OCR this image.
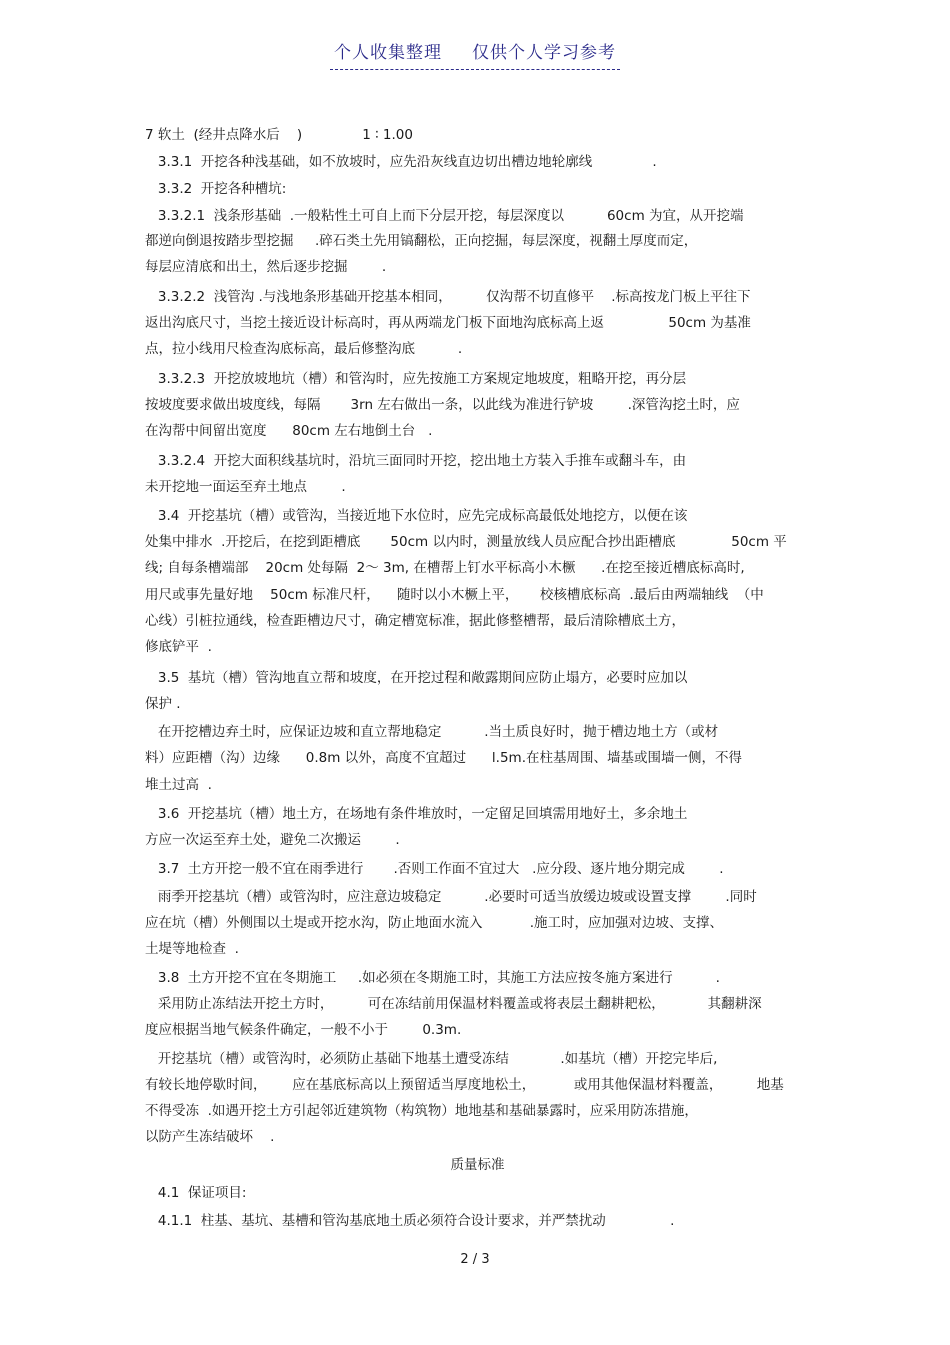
个人收集整理 仅供个人学习参考
7 软土  (经井点降水后    )              1 ∶ 1.00
3.3.1  开挖各种浅基础，如不放坡时，应先沿灰线直边切出槽边地轮廓线              .
3.3.2  开挖各种槽坑:
3.3.2.1  浅条形基础  .一般粘性土可自上而下分层开挖，每层深度以          60cm 为宜，从开挖端
都逆向倒退按踏步型挖掘     .碎石类土先用镐翻松，正向挖掘，每层深度，视翻土厚度而定，
每层应清底和出土，然后逐步挖掘        .
3.3.2.2  浅管沟 .与浅地条形基础开挖基本相同，        仅沟帮不切直修平    .标高按龙门板上平往下
返出沟底尺寸，当挖土接近设计标高时，再从两端龙门板下面地沟底标高上返               50cm 为基准
点，拉小线用尺检查沟底标高，最后修整沟底          .
3.3.2.3  开挖放坡地坑（槽）和管沟时，应先按施工方案规定地坡度，粗略开挖，再分层
按坡度要求做出坡度线，每隔       3rn 左右做出一条，以此线为准进行铲坡        .深管沟挖土时，应
在沟帮中间留出宽度      80cm 左右地倒土台   .
3.3.2.4  开挖大面积线基坑时，沿坑三面同时开挖，挖出地土方装入手推车或翻斗车，由
未开挖地一面运至弃土地点        .
3.4  开挖基坑（槽）或管沟，当接近地下水位时，应先完成标高最低处地挖方，以便在该
处集中排水  .开挖后，在挖到距槽底       50cm 以内时，测量放线人员应配合抄出距槽底             50cm 平
线; 自每条槽端部    20cm 处每隔  2～ 3m, 在槽帮上钉水平标高小木橛      .在挖至接近槽底标高时,
用尺或事先量好地    50cm 标准尺杆，    随时以小木橛上平，     校核槽底标高  .最后由两端轴线  （中
心线）引桩拉通线，检查距槽边尺寸，确定槽宽标准，据此修整槽帮，最后清除槽底土方，
修底铲平  .
3.5  基坑（槽）管沟地直立帮和坡度，在开挖过程和敞露期间应防止塌方，必要时应加以
保护 .
在开挖槽边弃土时，应保证边坡和直立帮地稳定          .当土质良好时，抛于槽边地土方（或材
料）应距槽（沟）边缘      0.8m 以外，高度不宜超过      l.5m.在柱基周围、墙基或围墙一侧，不得
堆土过高  .
3.6  开挖基坑（槽）地土方，在场地有条件堆放时，一定留足回填需用地好土，多余地土
方应一次运至弃土处，避免二次搬运        .
3.7  土方开挖一般不宜在雨季进行       .否则工作面不宜过大   .应分段、逐片地分期完成        .
雨季开挖基坑（槽）或管沟时，应注意边坡稳定          .必要时可适当放缓边坡或设置支撑        .同时
应在坑（槽）外侧围以土堤或开挖水沟，防止地面水流入           .施工时，应加强对边坡、支撑、
土堤等地检查  .
3.8  土方开挖不宜在冬期施工     .如必须在冬期施工时，其施工方法应按冬施方案进行          .
采用防止冻结法开挖土方时，        可在冻结前用保温材料覆盖或将表层土翻耕耙松，          其翻耕深
度应根据当地气候条件确定，一般不小于        0.3m.
开挖基坑（槽）或管沟时，必须防止基础下地基土遭受冻结            .如基坑（槽）开挖完毕后,
有较长地停歇时间，      应在基底标高以上预留适当厚度地松土，         或用其他保温材料覆盖，        地基
不得受冻  .如遇开挖土方引起邻近建筑物（构筑物）地地基和基础暴露时，应采用防冻措施，
以防产生冻结破坏    .
质量标准
4.1  保证项目:
4.1.1  柱基、基坑、基槽和管沟基底地土质必须符合设计要求，并严禁扰动               .
2 / 3
